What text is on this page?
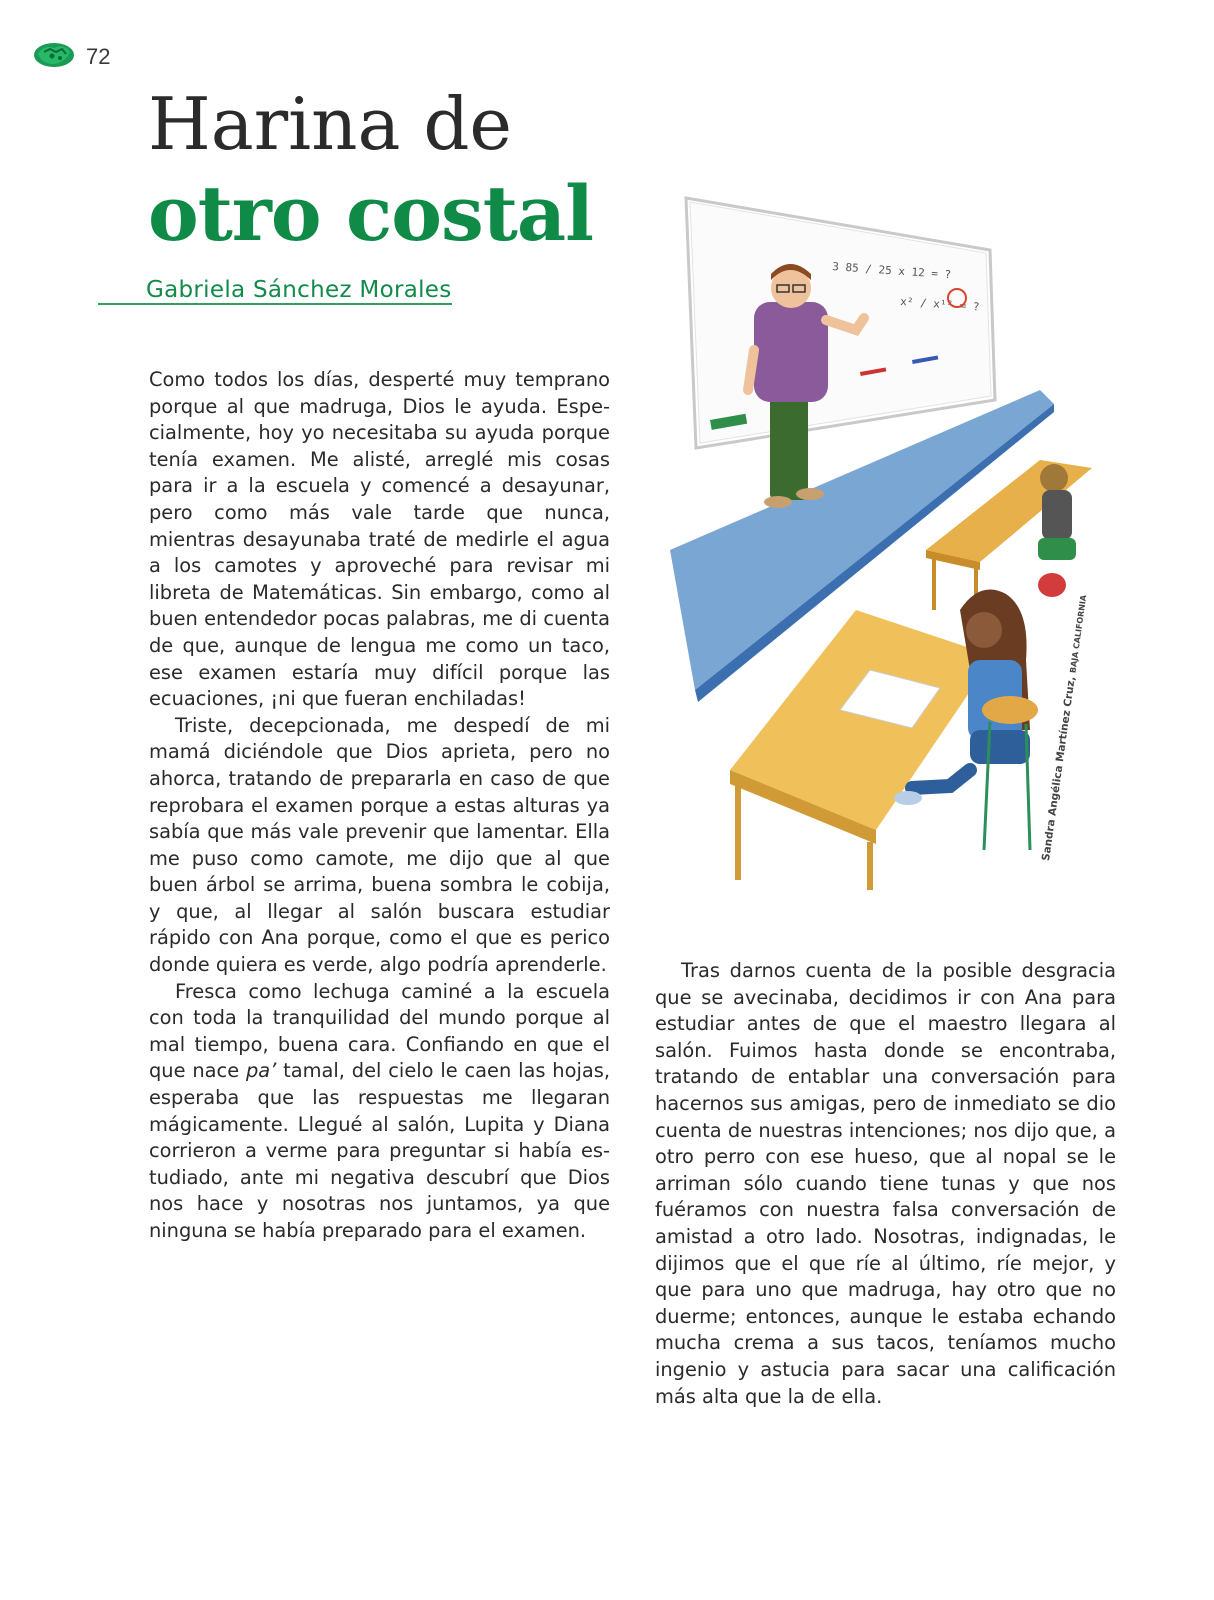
72
Harina de
otro costal
Gabriela Sánchez Morales

Como todos los días, desperté muy temprano porque al que madruga, Dios le ayuda. Especialmente, hoy yo necesitaba su ayuda porque tenía examen. Me alisté, arreglé mis cosas para ir a la escuela y comencé a desayunar, pero como más vale tarde que nunca, mientras desayunaba traté de medirle el agua a los camotes y aproveché para revisar mi libreta de Matemáticas. Sin embargo, como al buen entendedor pocas palabras, me di cuenta de que, aunque de lengua me como un taco, ese examen estaría muy difícil porque las ecuaciones, ¡ni que fueran enchiladas!

Triste, decepcionada, me despedí de mi mamá diciéndole que Dios aprieta, pero no ahorca, tratando de prepararla en caso de que reprobara el examen porque a estas alturas ya sabía que más vale prevenir que lamentar. Ella me puso como camote, me dijo que al que buen árbol se arrima, buena sombra le cobija, y que, al llegar al salón buscara estudiar rápido con Ana porque, como el que es perico donde quiera es verde, algo podría aprenderle.

Fresca como lechuga caminé a la escuela con toda la tranquilidad del mundo porque al mal tiempo, buena cara. Confiando en que el que nace pa’ tamal, del cielo le caen las hojas, esperaba que las respuestas me llegaran mágicamente. Llegué al salón, Lupita y Diana corrieron a verme para preguntar si había estudiado, ante mi negativa descubrí que Dios nos hace y nosotras nos juntamos, ya que ninguna se había preparado para el examen.

Tras darnos cuenta de la posible desgracia que se avecinaba, decidimos ir con Ana para estudiar antes de que el maestro llegara al salón. Fuimos hasta donde se encontraba, tratando de entablar una conversación para hacernos sus amigas, pero de inmediato se dio cuenta de nuestras intenciones; nos dijo que, a otro perro con ese hueso, que al nopal se le arriman sólo cuando tiene tunas y que nos fuéramos con nuestra falsa conversación de amistad a otro lado. Nosotras, indignadas, le dijimos que el que ríe al último, ríe mejor, y que para uno que madruga, hay otro que no duerme; entonces, aunque le estaba echando mucha crema a sus tacos, teníamos mucho ingenio y astucia para sacar una calificación más alta que la de ella.

3 85 / 25 x 12 = ?
x² / x¹² = ?
Sandra Angélica Martínez Cruz, BAJA CALIFORNIA
